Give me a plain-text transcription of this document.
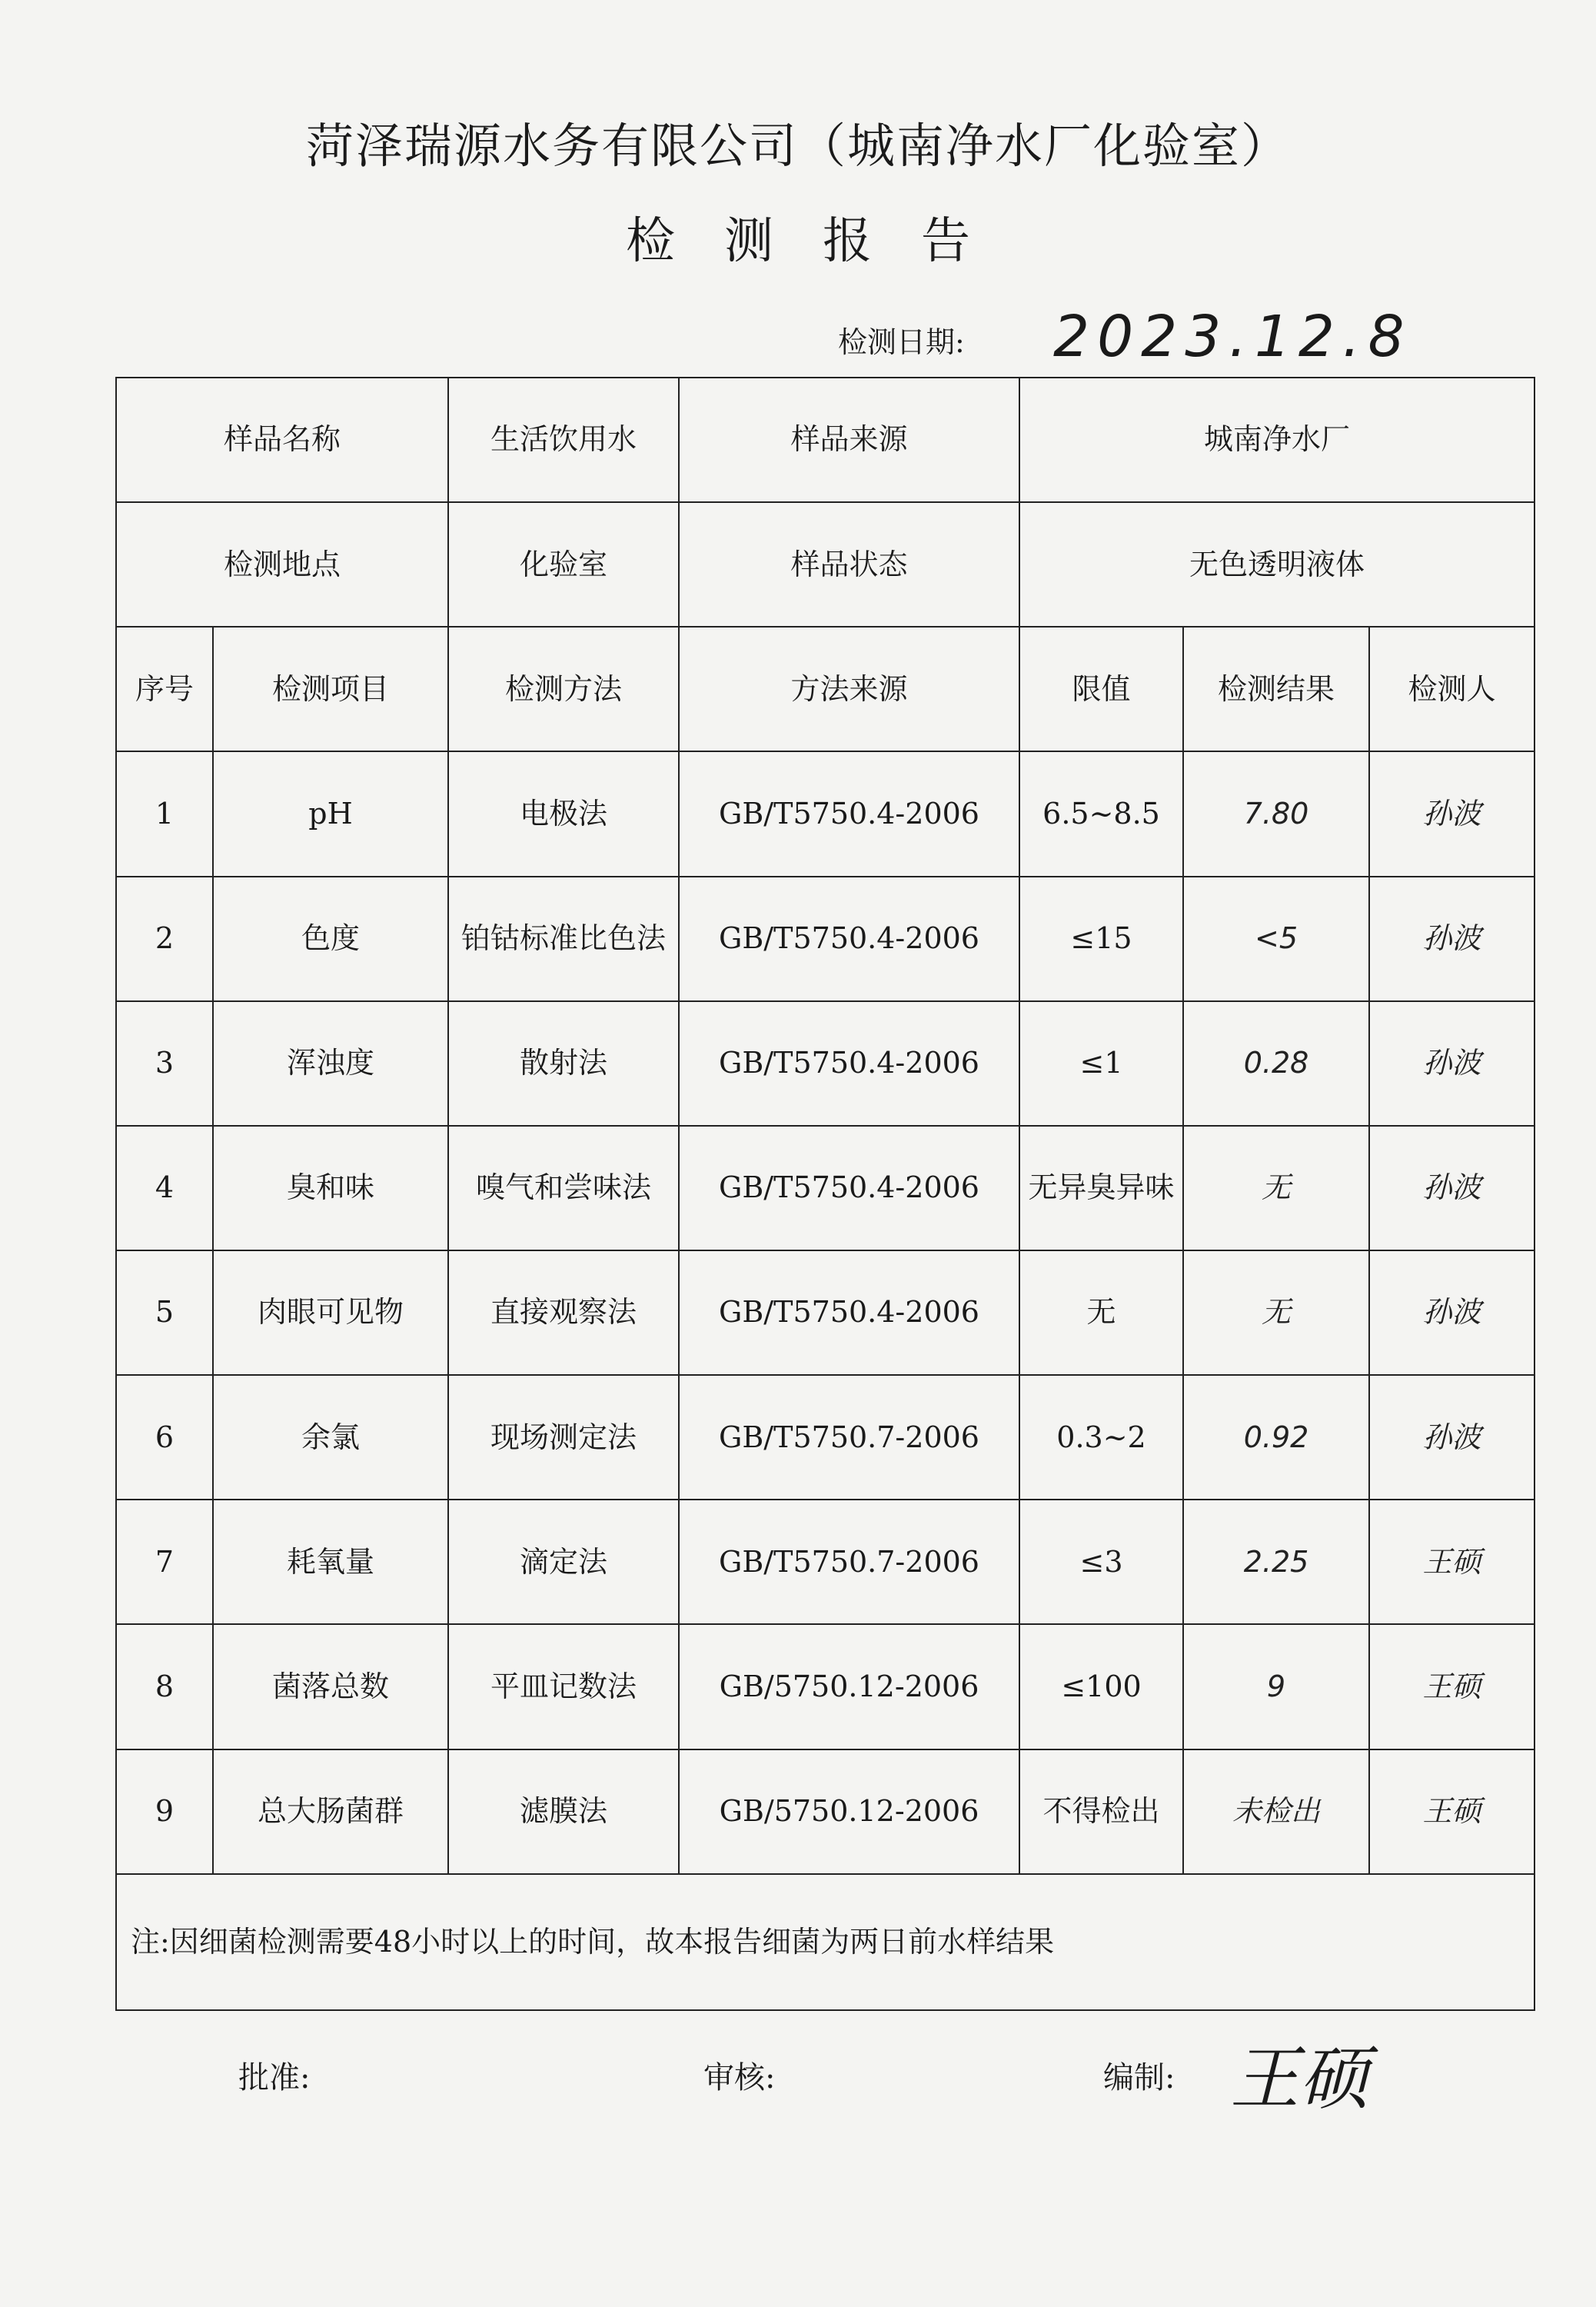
菏泽瑞源水务有限公司（城南净水厂化验室）
检测报告
检测日期: 2023.12.8
样品名称		生活饮用水	样品来源	城南净水厂		
检测地点		化验室	样品状态	无色透明液体		
序号	检测项目	检测方法	方法来源	限值	检测结果	检测人
1	pH	电极法	GB/T5750.4-2006	6.5~8.5	7.80	孙波
2	色度	铂钴标准比色法	GB/T5750.4-2006	≤15	<5	孙波
3	浑浊度	散射法	GB/T5750.4-2006	≤1	0.28	孙波
4	臭和味	嗅气和尝味法	GB/T5750.4-2006	无异臭异味	无	孙波
5	肉眼可见物	直接观察法	GB/T5750.4-2006	无	无	孙波
6	余氯	现场测定法	GB/T5750.7-2006	0.3~2	0.92	孙波
7	耗氧量	滴定法	GB/T5750.7-2006	≤3	2.25	王硕
8	菌落总数	平皿记数法	GB/5750.12-2006	≤100	9	王硕
9	总大肠菌群	滤膜法	GB/5750.12-2006	不得检出	未检出	王硕
注:因细菌检测需要48小时以上的时间，故本报告细菌为两日前水样结果						
批准:	审核:	编制: 王硕
